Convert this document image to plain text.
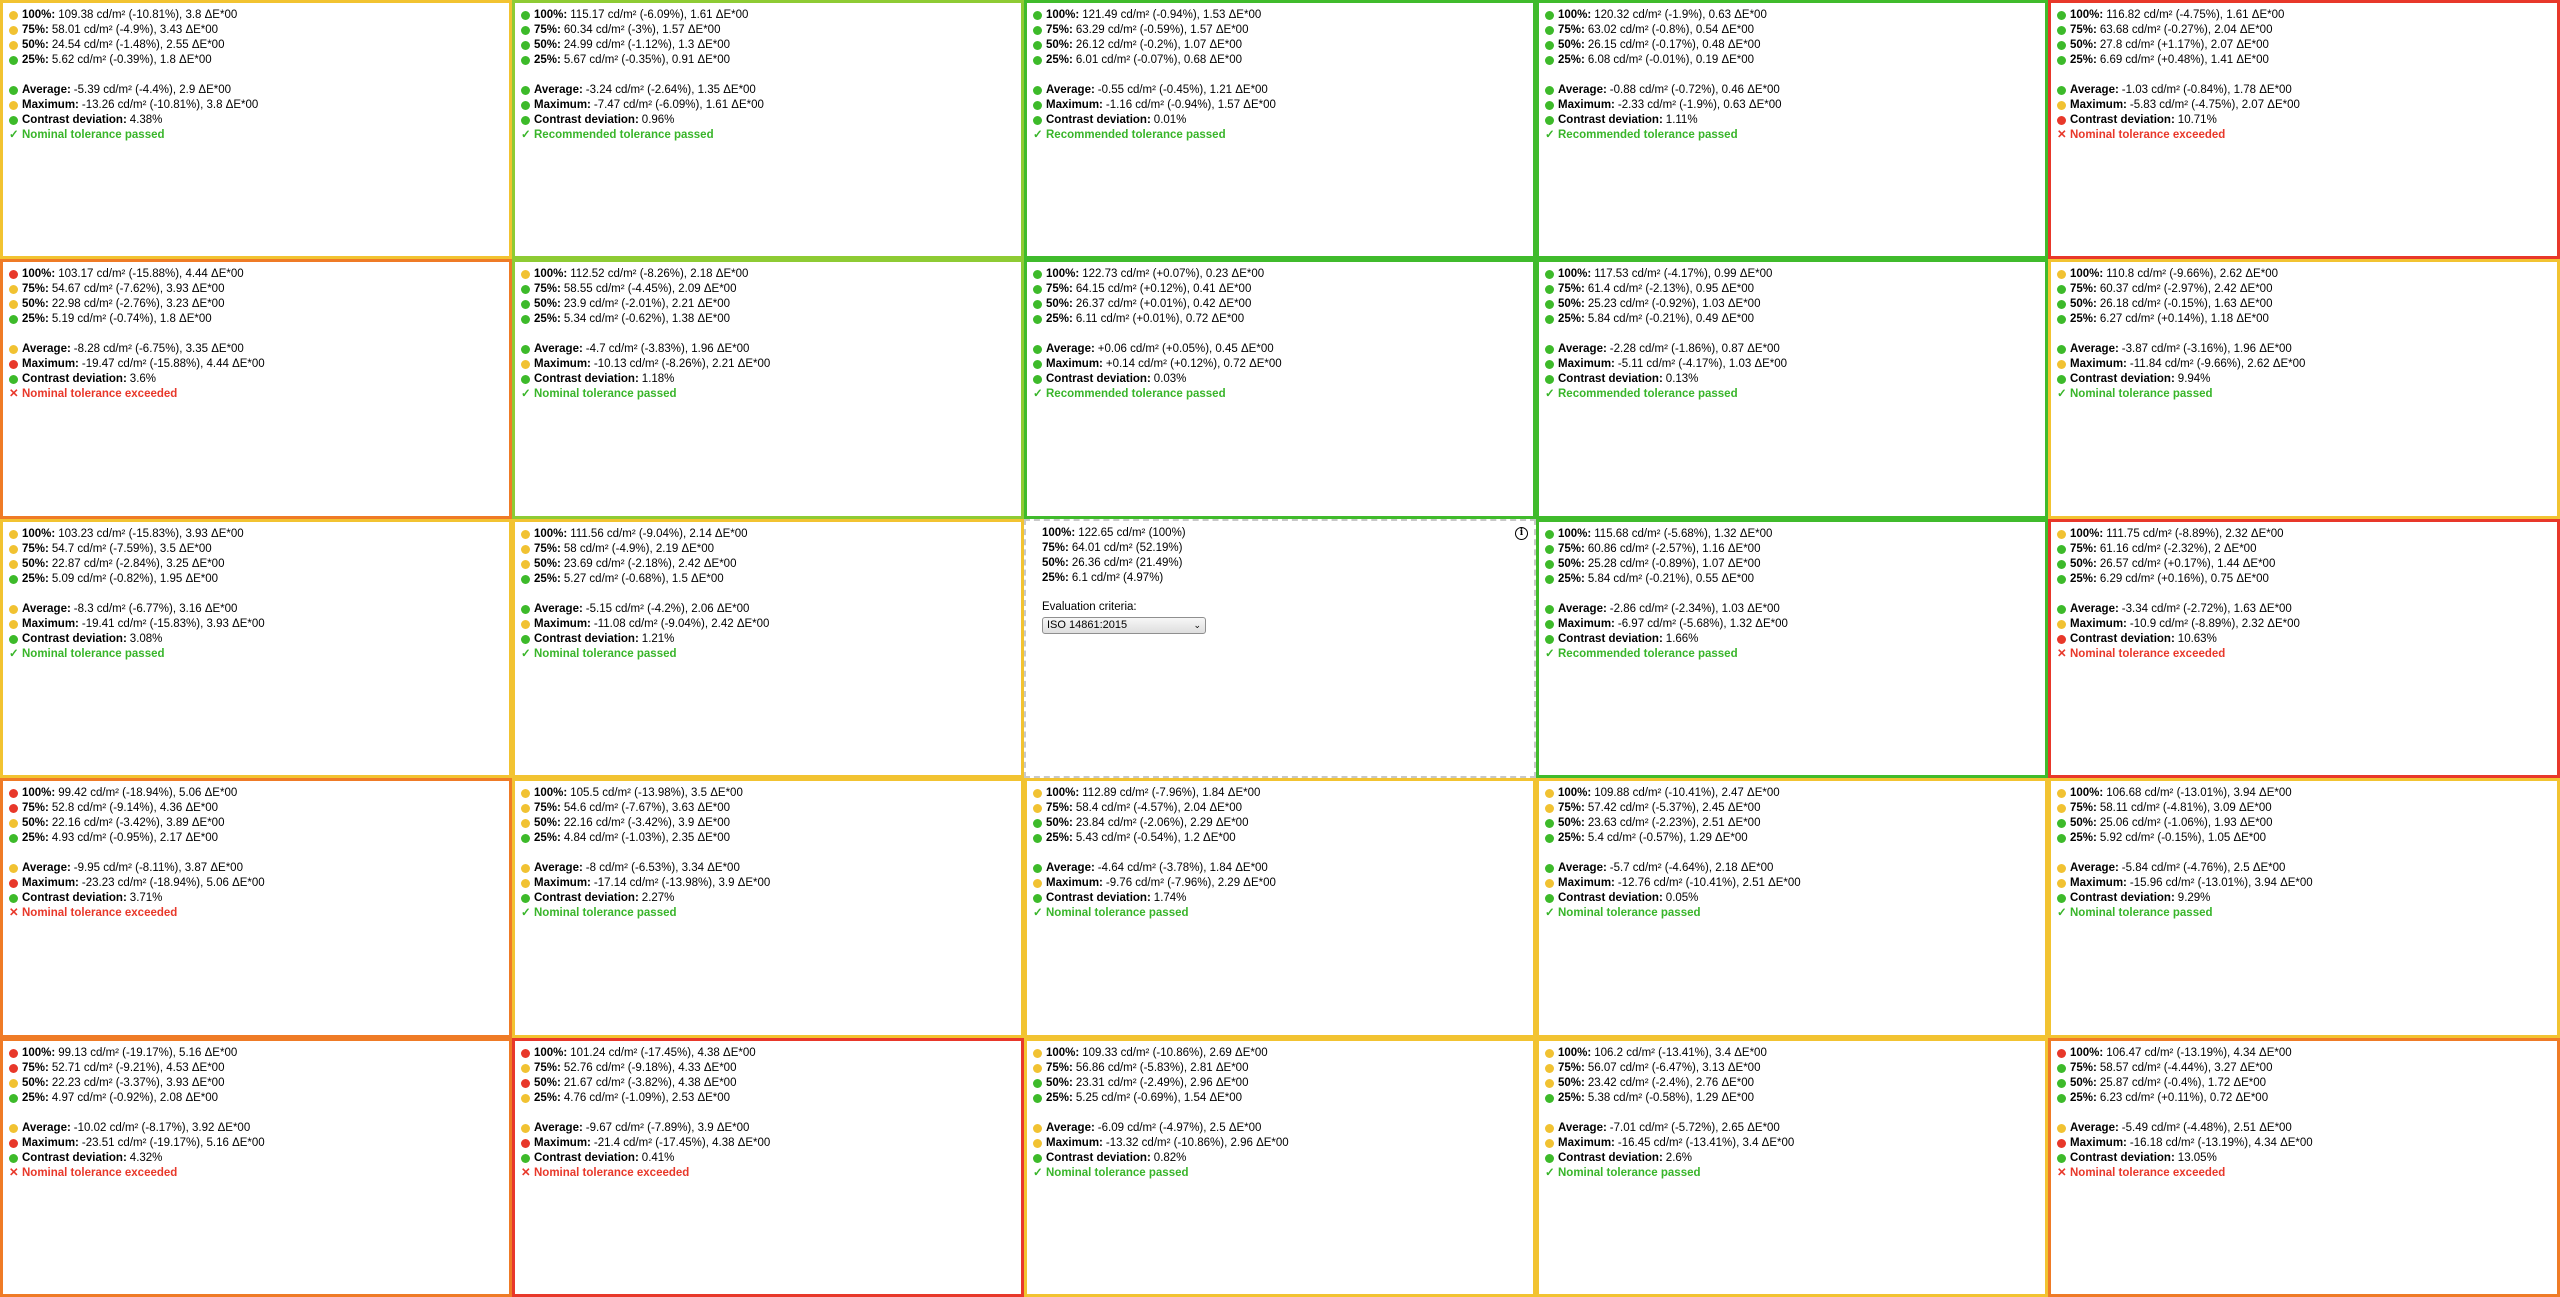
100%: 109.38 cd/m² (-10.81%), 3.8 ΔE*00
75%: 58.01 cd/m² (-4.9%), 3.43 ΔE*00
50%: 24.54 cd/m² (-1.48%), 2.55 ΔE*00
25%: 5.62 cd/m² (-0.39%), 1.8 ΔE*00
Average: -5.39 cd/m² (-4.4%), 2.9 ΔE*00
Maximum: -13.26 cd/m² (-10.81%), 3.8 ΔE*00
Contrast deviation: 4.38%
✓ Nominal tolerance passed
100%: 115.17 cd/m² (-6.09%), 1.61 ΔE*00
75%: 60.34 cd/m² (-3%), 1.57 ΔE*00
50%: 24.99 cd/m² (-1.12%), 1.3 ΔE*00
25%: 5.67 cd/m² (-0.35%), 0.91 ΔE*00
Average: -3.24 cd/m² (-2.64%), 1.35 ΔE*00
Maximum: -7.47 cd/m² (-6.09%), 1.61 ΔE*00
Contrast deviation: 0.96%
✓ Recommended tolerance passed
100%: 121.49 cd/m² (-0.94%), 1.53 ΔE*00
75%: 63.29 cd/m² (-0.59%), 1.57 ΔE*00
50%: 26.12 cd/m² (-0.2%), 1.07 ΔE*00
25%: 6.01 cd/m² (-0.07%), 0.68 ΔE*00
Average: -0.55 cd/m² (-0.45%), 1.21 ΔE*00
Maximum: -1.16 cd/m² (-0.94%), 1.57 ΔE*00
Contrast deviation: 0.01%
✓ Recommended tolerance passed
100%: 120.32 cd/m² (-1.9%), 0.63 ΔE*00
75%: 63.02 cd/m² (-0.8%), 0.54 ΔE*00
50%: 26.15 cd/m² (-0.17%), 0.48 ΔE*00
25%: 6.08 cd/m² (-0.01%), 0.19 ΔE*00
Average: -0.88 cd/m² (-0.72%), 0.46 ΔE*00
Maximum: -2.33 cd/m² (-1.9%), 0.63 ΔE*00
Contrast deviation: 1.11%
✓ Recommended tolerance passed
100%: 116.82 cd/m² (-4.75%), 1.61 ΔE*00
75%: 63.68 cd/m² (-0.27%), 2.04 ΔE*00
50%: 27.8 cd/m² (+1.17%), 2.07 ΔE*00
25%: 6.69 cd/m² (+0.48%), 1.41 ΔE*00
Average: -1.03 cd/m² (-0.84%), 1.78 ΔE*00
Maximum: -5.83 cd/m² (-4.75%), 2.07 ΔE*00
Contrast deviation: 10.71%
✕ Nominal tolerance exceeded
100%: 103.17 cd/m² (-15.88%), 4.44 ΔE*00
75%: 54.67 cd/m² (-7.62%), 3.93 ΔE*00
50%: 22.98 cd/m² (-2.76%), 3.23 ΔE*00
25%: 5.19 cd/m² (-0.74%), 1.8 ΔE*00
Average: -8.28 cd/m² (-6.75%), 3.35 ΔE*00
Maximum: -19.47 cd/m² (-15.88%), 4.44 ΔE*00
Contrast deviation: 3.6%
✕ Nominal tolerance exceeded
100%: 112.52 cd/m² (-8.26%), 2.18 ΔE*00
75%: 58.55 cd/m² (-4.45%), 2.09 ΔE*00
50%: 23.9 cd/m² (-2.01%), 2.21 ΔE*00
25%: 5.34 cd/m² (-0.62%), 1.38 ΔE*00
Average: -4.7 cd/m² (-3.83%), 1.96 ΔE*00
Maximum: -10.13 cd/m² (-8.26%), 2.21 ΔE*00
Contrast deviation: 1.18%
✓ Nominal tolerance passed
100%: 122.73 cd/m² (+0.07%), 0.23 ΔE*00
75%: 64.15 cd/m² (+0.12%), 0.41 ΔE*00
50%: 26.37 cd/m² (+0.01%), 0.42 ΔE*00
25%: 6.11 cd/m² (+0.01%), 0.72 ΔE*00
Average: +0.06 cd/m² (+0.05%), 0.45 ΔE*00
Maximum: +0.14 cd/m² (+0.12%), 0.72 ΔE*00
Contrast deviation: 0.03%
✓ Recommended tolerance passed
100%: 117.53 cd/m² (-4.17%), 0.99 ΔE*00
75%: 61.4 cd/m² (-2.13%), 0.95 ΔE*00
50%: 25.23 cd/m² (-0.92%), 1.03 ΔE*00
25%: 5.84 cd/m² (-0.21%), 0.49 ΔE*00
Average: -2.28 cd/m² (-1.86%), 0.87 ΔE*00
Maximum: -5.11 cd/m² (-4.17%), 1.03 ΔE*00
Contrast deviation: 0.13%
✓ Recommended tolerance passed
100%: 110.8 cd/m² (-9.66%), 2.62 ΔE*00
75%: 60.37 cd/m² (-2.97%), 2.42 ΔE*00
50%: 26.18 cd/m² (-0.15%), 1.63 ΔE*00
25%: 6.27 cd/m² (+0.14%), 1.18 ΔE*00
Average: -3.87 cd/m² (-3.16%), 1.96 ΔE*00
Maximum: -11.84 cd/m² (-9.66%), 2.62 ΔE*00
Contrast deviation: 9.94%
✓ Nominal tolerance passed
100%: 103.23 cd/m² (-15.83%), 3.93 ΔE*00
75%: 54.7 cd/m² (-7.59%), 3.5 ΔE*00
50%: 22.87 cd/m² (-2.84%), 3.25 ΔE*00
25%: 5.09 cd/m² (-0.82%), 1.95 ΔE*00
Average: -8.3 cd/m² (-6.77%), 3.16 ΔE*00
Maximum: -19.41 cd/m² (-15.83%), 3.93 ΔE*00
Contrast deviation: 3.08%
✓ Nominal tolerance passed
100%: 111.56 cd/m² (-9.04%), 2.14 ΔE*00
75%: 58 cd/m² (-4.9%), 2.19 ΔE*00
50%: 23.69 cd/m² (-2.18%), 2.42 ΔE*00
25%: 5.27 cd/m² (-0.68%), 1.5 ΔE*00
Average: -5.15 cd/m² (-4.2%), 2.06 ΔE*00
Maximum: -11.08 cd/m² (-9.04%), 2.42 ΔE*00
Contrast deviation: 1.21%
✓ Nominal tolerance passed
i
100%: 122.65 cd/m² (100%)
75%: 64.01 cd/m² (52.19%)
50%: 26.36 cd/m² (21.49%)
25%: 6.1 cd/m² (4.97%)
Evaluation criteria:
ISO 14861:2015	⌄
100%: 115.68 cd/m² (-5.68%), 1.32 ΔE*00
75%: 60.86 cd/m² (-2.57%), 1.16 ΔE*00
50%: 25.28 cd/m² (-0.89%), 1.07 ΔE*00
25%: 5.84 cd/m² (-0.21%), 0.55 ΔE*00
Average: -2.86 cd/m² (-2.34%), 1.03 ΔE*00
Maximum: -6.97 cd/m² (-5.68%), 1.32 ΔE*00
Contrast deviation: 1.66%
✓ Recommended tolerance passed
100%: 111.75 cd/m² (-8.89%), 2.32 ΔE*00
75%: 61.16 cd/m² (-2.32%), 2 ΔE*00
50%: 26.57 cd/m² (+0.17%), 1.44 ΔE*00
25%: 6.29 cd/m² (+0.16%), 0.75 ΔE*00
Average: -3.34 cd/m² (-2.72%), 1.63 ΔE*00
Maximum: -10.9 cd/m² (-8.89%), 2.32 ΔE*00
Contrast deviation: 10.63%
✕ Nominal tolerance exceeded
100%: 99.42 cd/m² (-18.94%), 5.06 ΔE*00
75%: 52.8 cd/m² (-9.14%), 4.36 ΔE*00
50%: 22.16 cd/m² (-3.42%), 3.89 ΔE*00
25%: 4.93 cd/m² (-0.95%), 2.17 ΔE*00
Average: -9.95 cd/m² (-8.11%), 3.87 ΔE*00
Maximum: -23.23 cd/m² (-18.94%), 5.06 ΔE*00
Contrast deviation: 3.71%
✕ Nominal tolerance exceeded
100%: 105.5 cd/m² (-13.98%), 3.5 ΔE*00
75%: 54.6 cd/m² (-7.67%), 3.63 ΔE*00
50%: 22.16 cd/m² (-3.42%), 3.9 ΔE*00
25%: 4.84 cd/m² (-1.03%), 2.35 ΔE*00
Average: -8 cd/m² (-6.53%), 3.34 ΔE*00
Maximum: -17.14 cd/m² (-13.98%), 3.9 ΔE*00
Contrast deviation: 2.27%
✓ Nominal tolerance passed
100%: 112.89 cd/m² (-7.96%), 1.84 ΔE*00
75%: 58.4 cd/m² (-4.57%), 2.04 ΔE*00
50%: 23.84 cd/m² (-2.06%), 2.29 ΔE*00
25%: 5.43 cd/m² (-0.54%), 1.2 ΔE*00
Average: -4.64 cd/m² (-3.78%), 1.84 ΔE*00
Maximum: -9.76 cd/m² (-7.96%), 2.29 ΔE*00
Contrast deviation: 1.74%
✓ Nominal tolerance passed
100%: 109.88 cd/m² (-10.41%), 2.47 ΔE*00
75%: 57.42 cd/m² (-5.37%), 2.45 ΔE*00
50%: 23.63 cd/m² (-2.23%), 2.51 ΔE*00
25%: 5.4 cd/m² (-0.57%), 1.29 ΔE*00
Average: -5.7 cd/m² (-4.64%), 2.18 ΔE*00
Maximum: -12.76 cd/m² (-10.41%), 2.51 ΔE*00
Contrast deviation: 0.05%
✓ Nominal tolerance passed
100%: 106.68 cd/m² (-13.01%), 3.94 ΔE*00
75%: 58.11 cd/m² (-4.81%), 3.09 ΔE*00
50%: 25.06 cd/m² (-1.06%), 1.93 ΔE*00
25%: 5.92 cd/m² (-0.15%), 1.05 ΔE*00
Average: -5.84 cd/m² (-4.76%), 2.5 ΔE*00
Maximum: -15.96 cd/m² (-13.01%), 3.94 ΔE*00
Contrast deviation: 9.29%
✓ Nominal tolerance passed
100%: 99.13 cd/m² (-19.17%), 5.16 ΔE*00
75%: 52.71 cd/m² (-9.21%), 4.53 ΔE*00
50%: 22.23 cd/m² (-3.37%), 3.93 ΔE*00
25%: 4.97 cd/m² (-0.92%), 2.08 ΔE*00
Average: -10.02 cd/m² (-8.17%), 3.92 ΔE*00
Maximum: -23.51 cd/m² (-19.17%), 5.16 ΔE*00
Contrast deviation: 4.32%
✕ Nominal tolerance exceeded
100%: 101.24 cd/m² (-17.45%), 4.38 ΔE*00
75%: 52.76 cd/m² (-9.18%), 4.33 ΔE*00
50%: 21.67 cd/m² (-3.82%), 4.38 ΔE*00
25%: 4.76 cd/m² (-1.09%), 2.53 ΔE*00
Average: -9.67 cd/m² (-7.89%), 3.9 ΔE*00
Maximum: -21.4 cd/m² (-17.45%), 4.38 ΔE*00
Contrast deviation: 0.41%
✕ Nominal tolerance exceeded
100%: 109.33 cd/m² (-10.86%), 2.69 ΔE*00
75%: 56.86 cd/m² (-5.83%), 2.81 ΔE*00
50%: 23.31 cd/m² (-2.49%), 2.96 ΔE*00
25%: 5.25 cd/m² (-0.69%), 1.54 ΔE*00
Average: -6.09 cd/m² (-4.97%), 2.5 ΔE*00
Maximum: -13.32 cd/m² (-10.86%), 2.96 ΔE*00
Contrast deviation: 0.82%
✓ Nominal tolerance passed
100%: 106.2 cd/m² (-13.41%), 3.4 ΔE*00
75%: 56.07 cd/m² (-6.47%), 3.13 ΔE*00
50%: 23.42 cd/m² (-2.4%), 2.76 ΔE*00
25%: 5.38 cd/m² (-0.58%), 1.29 ΔE*00
Average: -7.01 cd/m² (-5.72%), 2.65 ΔE*00
Maximum: -16.45 cd/m² (-13.41%), 3.4 ΔE*00
Contrast deviation: 2.6%
✓ Nominal tolerance passed
100%: 106.47 cd/m² (-13.19%), 4.34 ΔE*00
75%: 58.57 cd/m² (-4.44%), 3.27 ΔE*00
50%: 25.87 cd/m² (-0.4%), 1.72 ΔE*00
25%: 6.23 cd/m² (+0.11%), 0.72 ΔE*00
Average: -5.49 cd/m² (-4.48%), 2.51 ΔE*00
Maximum: -16.18 cd/m² (-13.19%), 4.34 ΔE*00
Contrast deviation: 13.05%
✕ Nominal tolerance exceeded
